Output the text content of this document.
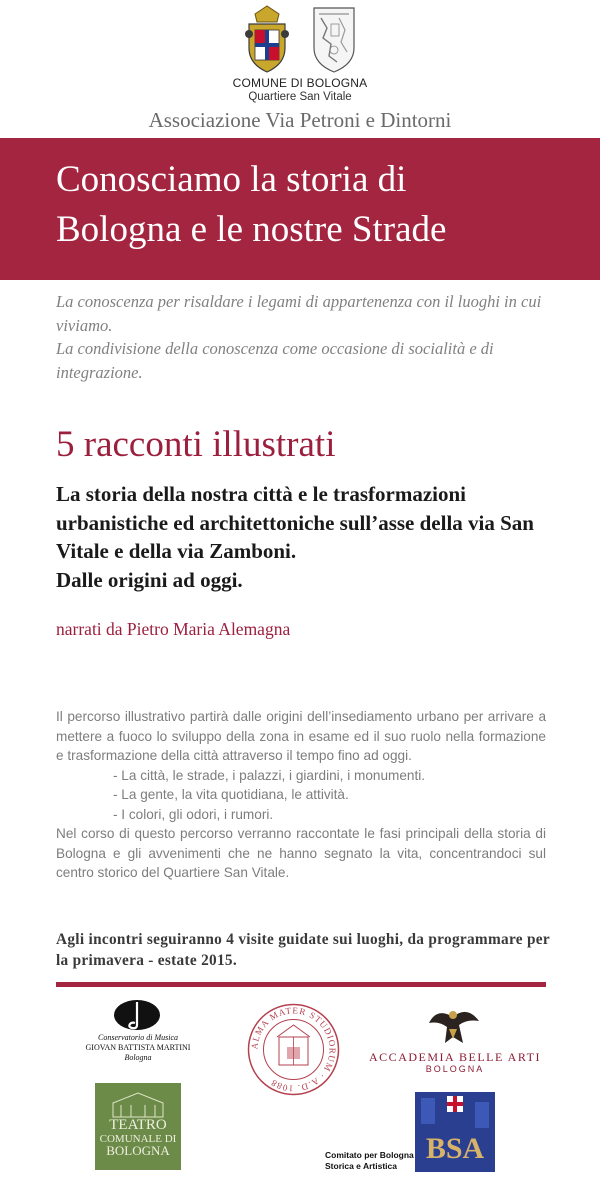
COMUNE DI BOLOGNA
Quartiere San Vitale
Associazione Via Petroni e Dintorni
Conosciamo la storia di
Bologna e le nostre Strade
La conoscenza per risaldare i legami di appartenenza con il luoghi in cui viviamo.
La condivisione della conoscenza come occasione di socialità e di integrazione.
5 racconti illustrati
La storia della nostra città e le trasformazioni urbanistiche ed architettoniche sull’asse della via San Vitale e della via Zamboni.
Dalle origini ad oggi.
narrati da Pietro Maria Alemagna

Il percorso illustrativo partirà dalle origini dell’insediamento urbano per arrivare a mettere a fuoco lo sviluppo della zona in esame ed il suo ruolo nella formazione e trasformazione della città attraverso il tempo fino ad oggi.

- La città, le strade, i palazzi, i giardini, i monumenti.

- La gente, la vita quotidiana, le attività.

- I colori, gli odori, i rumori.

Nel corso di questo percorso verranno raccontate le fasi principali della storia di Bologna e gli avvenimenti che ne hanno segnato la vita, concentrandoci sul centro storico del Quartiere San Vitale.

Agli incontri seguiranno 4 visite guidate sui luoghi, da programmare per la primavera - estate 2015.
Conservatorio di Musica
GIOVAN BATTISTA MARTINI
Bologna
ALMA MATER STUDIORUM · A.D. 1088
ACCADEMIA BELLE ARTI
BOLOGNA
TEATRO
COMUNALE DI
BOLOGNA	Comitato per Bologna
Storica e Artistica
BSA
